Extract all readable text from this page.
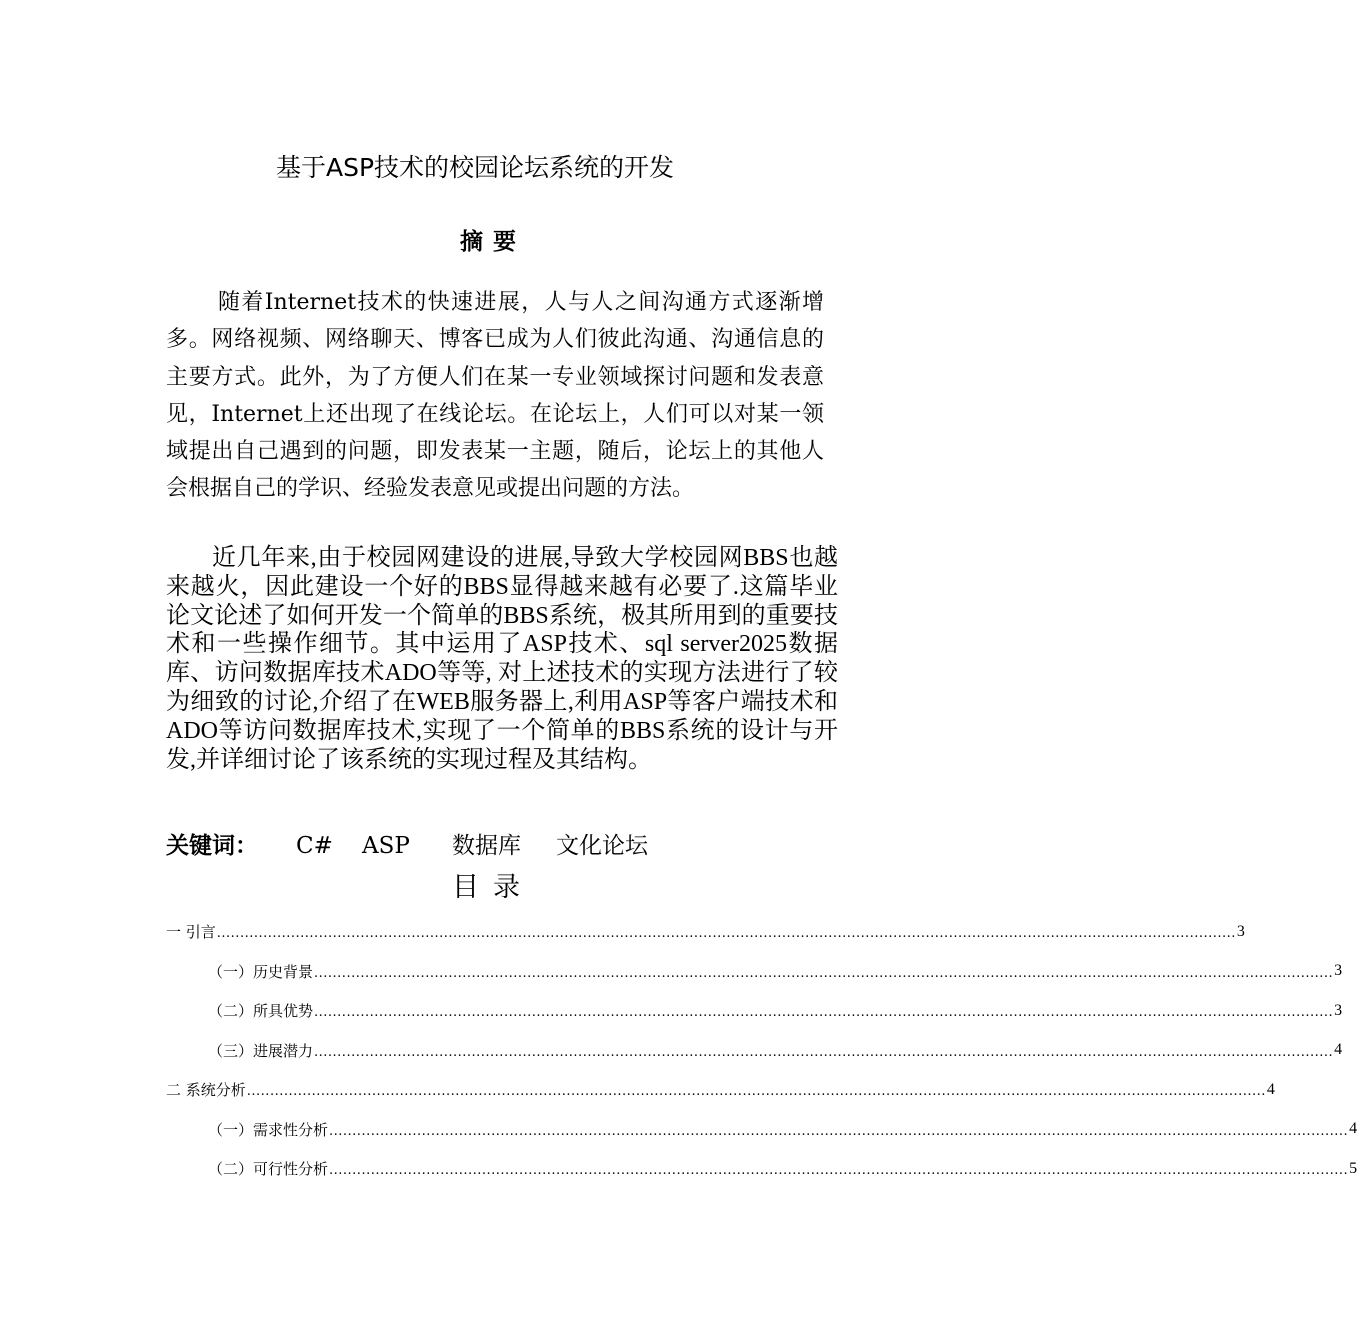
基于ASP技术的校园论坛系统的开发
摘要

随着Internet技术的快速进展，人与人之间沟通方式逐渐增多。网络视频、网络聊天、博客已成为人们彼此沟通、沟通信息的主要方式。此外，为了方便人们在某一专业领域探讨问题和发表意见，Internet上还出现了在线论坛。在论坛上，人们可以对某一领域提出自己遇到的问题，即发表某一主题，随后，论坛上的其他人会根据自己的学识、经验发表意见或提出问题的方法。

近几年来,由于校园网建设的进展,导致大学校园网BBS也越来越火，因此建设一个好的BBS显得越来越有必要了.这篇毕业论文论述了如何开发一个简单的BBS系统，极其所用到的重要技术和一些操作细节。其中运用了ASP技术、sql server2025数据库、访问数据库技术ADO等等, 对上述技术的实现方法进行了较为细致的讨论,介绍了在WEB服务器上,利用ASP等客户端技术和ADO等访问数据库技术,实现了一个简单的BBS系统的设计与开发,并详细讨论了该系统的实现过程及其结构。

关键词： C# ASP 数据库 文化论坛
目录
一 引言 ............................................................................................................................................................................................................................ 3
（一）历史背景 ............................................................................................................................................................................................................................ 3
（二）所具优势 ............................................................................................................................................................................................................................ 3
（三）进展潜力 ............................................................................................................................................................................................................................ 4
二 系统分析 ............................................................................................................................................................................................................................ 4
（一）需求性分析 ............................................................................................................................................................................................................................ 4
（二）可行性分析 ............................................................................................................................................................................................................................ 5
